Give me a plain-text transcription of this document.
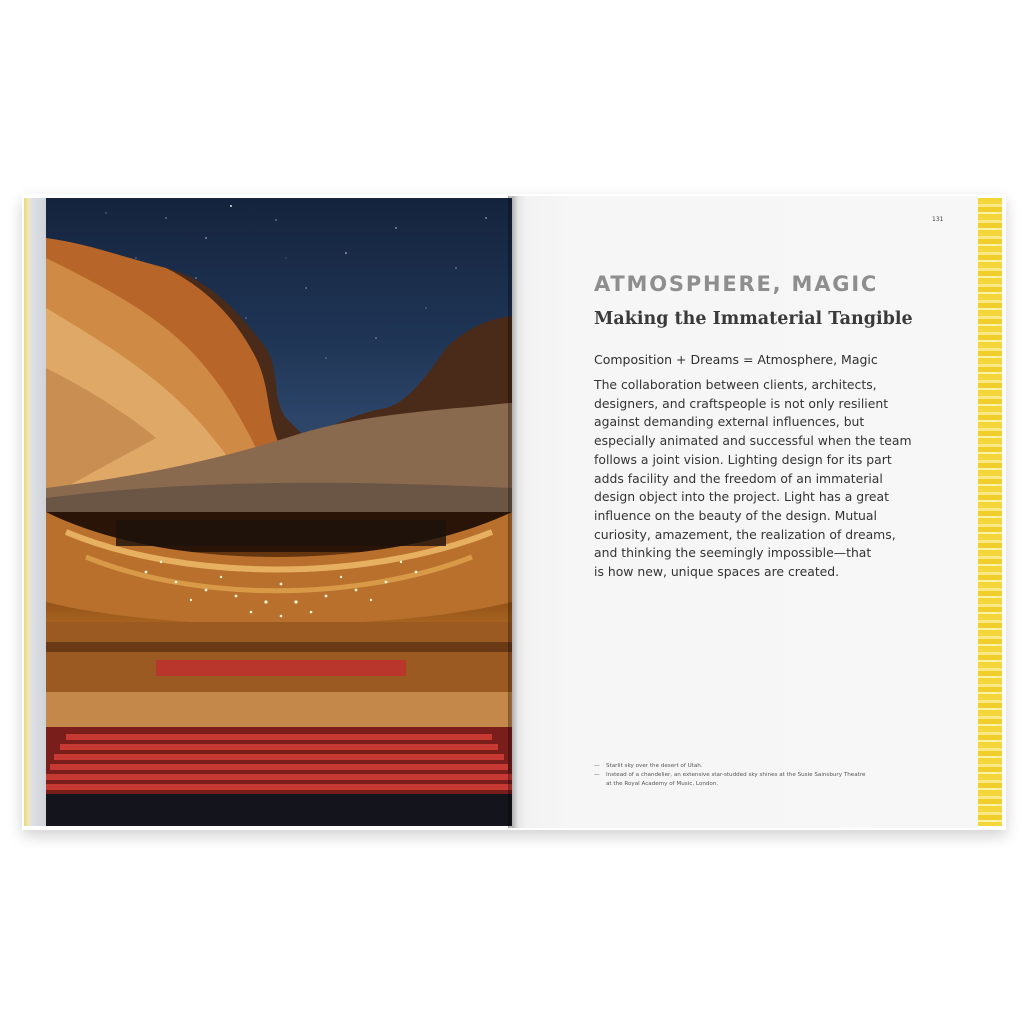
131
ATMOSPHERE, MAGIC
Making the Immaterial Tangible

Composition + Dreams = Atmosphere, Magic

The collaboration between clients, architects,
designers, and craftspeople is not only resilient
against demanding external influences, but
especially animated and successful when the team
follows a joint vision. Lighting design for its part
adds facility and the freedom of an immaterial
design object into the project. Light has a great
influence on the beauty of the design. Mutual
curiosity, amazement, the realization of dreams,
and thinking the seemingly impossible—that
is how new, unique spaces are created.

—	Starlit sky over the desert of Utah.
—	Instead of a chandelier, an extensive star-studded sky shines at the Susie Sainsbury Theatre
at the Royal Academy of Music, London.
